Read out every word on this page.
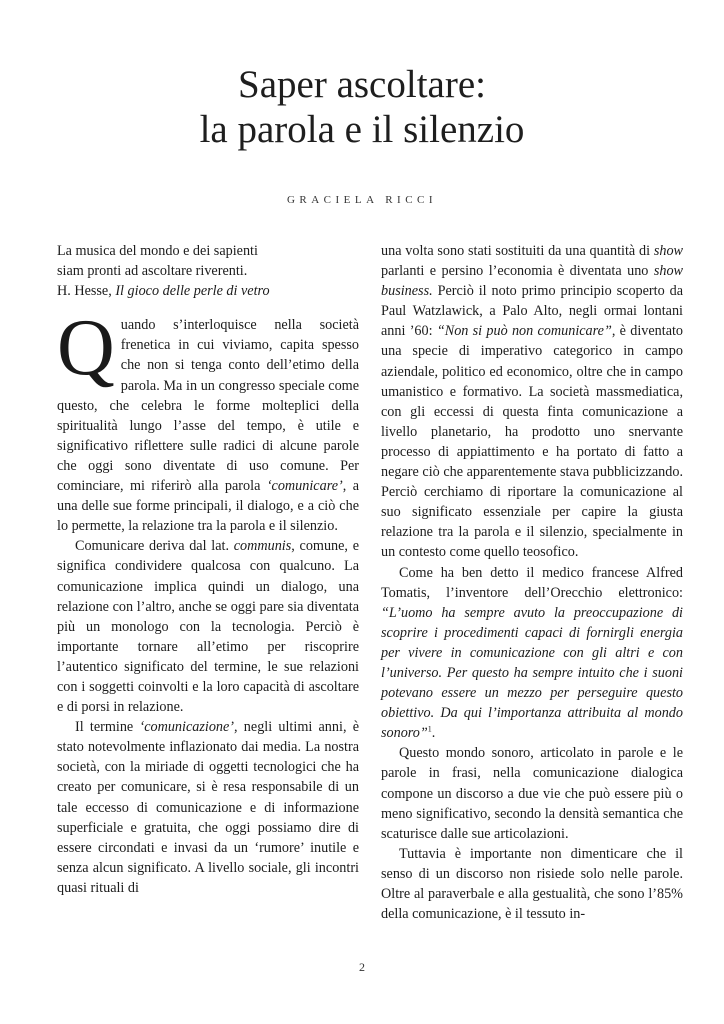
Saper ascoltare:
la parola e il silenzio
GRACIELA RICCI

La musica del mondo e dei sapienti
siam pronti ad ascoltare riverenti.
H. Hesse, Il gioco delle perle di vetro

Quando s’interloquisce nella società frenetica in cui viviamo, capita spesso che non si tenga conto dell’etimo della parola. Ma in un congresso speciale come questo, che celebra le forme molteplici della spiritualità lungo l’asse del tempo, è utile e significativo riflettere sulle radici di alcune parole che oggi sono diventate di uso comune. Per cominciare, mi riferirò alla parola ‘comunicare’, a una delle sue forme principali, il dialogo, e a ciò che lo permette, la relazione tra la parola e il silenzio.

Comunicare deriva dal lat. communis, comune, e significa condividere qualcosa con qualcuno. La comunicazione implica quindi un dialogo, una relazione con l’altro, anche se oggi pare sia diventata più un monologo con la tecnologia. Perciò è importante tornare all’etimo per riscoprire l’autentico significato del termine, le sue relazioni con i soggetti coinvolti e la loro capacità di ascoltare e di porsi in relazione.

Il termine ‘comunicazione’, negli ultimi anni, è stato notevolmente inflazionato dai media. La nostra società, con la miriade di oggetti tecnologici che ha creato per comunicare, si è resa responsabile di un tale eccesso di comunicazione e di informazione superficiale e gratuita, che oggi possiamo dire di essere circondati e invasi da un ‘rumore’ inutile e senza alcun significato. A livello sociale, gli incontri quasi rituali di

una volta sono stati sostituiti da una quantità di show parlanti e persino l’economia è diventata uno show business. Perciò il noto primo principio scoperto da Paul Watzlawick, a Palo Alto, negli ormai lontani anni ’60: “Non si può non comunicare”, è diventato una specie di imperativo categorico in campo aziendale, politico ed economico, oltre che in campo umanistico e formativo. La società massmediatica, con gli eccessi di questa finta comunicazione a livello planetario, ha prodotto uno snervante processo di appiattimento e ha portato di fatto a negare ciò che apparentemente stava pubblicizzando. Perciò cerchiamo di riportare la comunicazione al suo significato essenziale per capire la giusta relazione tra la parola e il silenzio, specialmente in un contesto come quello teosofico.

Come ha ben detto il medico francese Alfred Tomatis, l’inventore dell’Orecchio elettronico: “L’uomo ha sempre avuto la preoccupazione di scoprire i procedimenti capaci di fornirgli energia per vivere in comunicazione con gli altri e con l’universo. Per questo ha sempre intuito che i suoni potevano essere un mezzo per perseguire questo obiettivo. Da qui l’importanza attribuita al mondo sonoro”$^1$.

Questo mondo sonoro, articolato in parole e le parole in frasi, nella comunicazione dialogica compone un discorso a due vie che può essere più o meno significativo, secondo la densità semantica che scaturisce dalle sue articolazioni.

Tuttavia è importante non dimenticare che il senso di un discorso non risiede solo nelle parole. Oltre al paraverbale e alla gestualità, che sono l’85% della comunicazione, è il tessuto in-

2
